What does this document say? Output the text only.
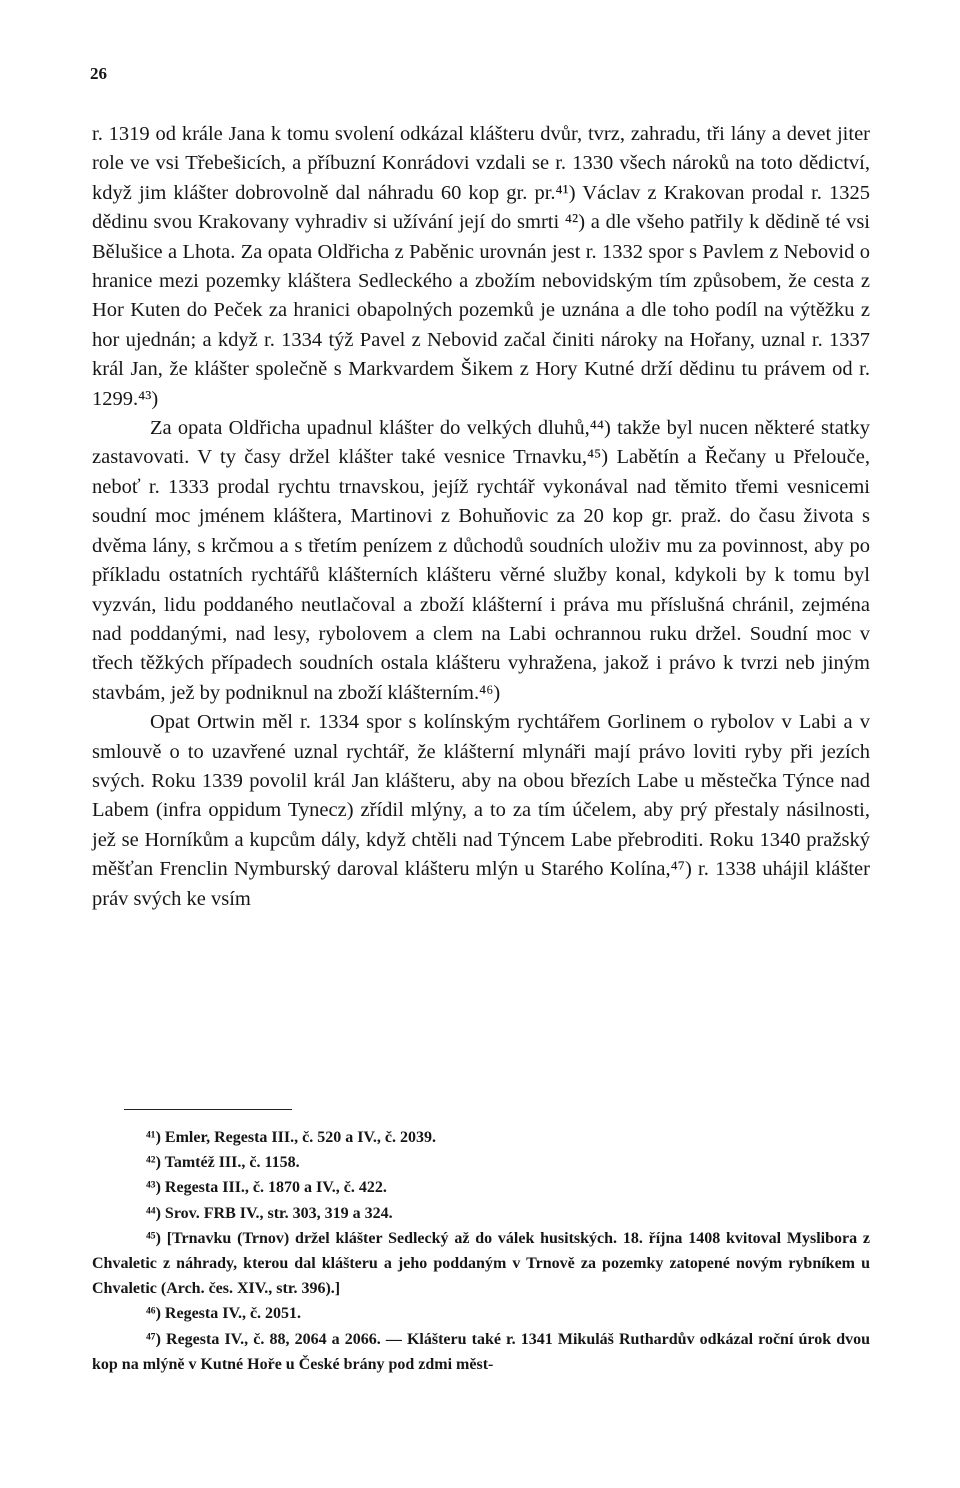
26

r. 1319 od krále Jana k tomu svolení odkázal klášteru dvůr, tvrz, zahradu, tři lány a devet jiter role ve vsi Třebešicích, a příbuzní Konrádovi vzdali se r. 1330 všech nároků na toto dědictví, když jim klášter dobrovolně dal náhradu 60 kop gr. pr.⁴¹) Václav z Krakovan prodal r. 1325 dědinu svou Krakovany vyhradiv si užívání její do smrti ⁴²) a dle všeho patřily k dědině té vsi Bělušice a Lhota. Za opata Oldřicha z Paběnic urovnán jest r. 1332 spor s Pavlem z Nebovid o hranice mezi pozemky kláštera Sedleckého a zbožím nebovidským tím způsobem, že cesta z Hor Kuten do Peček za hranici obapolných pozemků je uznána a dle toho podíl na výtěžku z hor ujednán; a když r. 1334 týž Pavel z Nebovid začal činiti nároky na Hořany, uznal r. 1337 král Jan, že klášter společně s Markvardem Šikem z Hory Kutné drží dědinu tu právem od r. 1299.⁴³)

Za opata Oldřicha upadnul klášter do velkých dluhů,⁴⁴) takže byl nucen některé statky zastavovati. V ty časy držel klášter také vesnice Trnavku,⁴⁵) Labětín a Řečany u Přelouče, neboť r. 1333 prodal rychtu trnavskou, jejíž rychtář vykonával nad těmito třemi vesnicemi soudní moc jménem kláštera, Martinovi z Bohuňovic za 20 kop gr. praž. do času života s dvěma lány, s krčmou a s třetím penízem z důchodů soudních uloživ mu za povinnost, aby po příkladu ostatních rychtářů klášterních klášteru věrné služby konal, kdykoli by k tomu byl vyzván, lidu poddaného neutlačoval a zboží klášterní i práva mu příslušná chránil, zejména nad poddanými, nad lesy, rybolovem a clem na Labi ochrannou ruku držel. Soudní moc v třech těžkých případech soudních ostala klášteru vyhražena, jakož i právo k tvrzi neb jiným stavbám, jež by podniknul na zboží klášterním.⁴⁶)

Opat Ortwin měl r. 1334 spor s kolínským rychtářem Gorlinem o rybolov v Labi a v smlouvě o to uzavřené uznal rychtář, že klášterní mlynáři mají právo loviti ryby při jezích svých. Roku 1339 povolil král Jan klášteru, aby na obou březích Labe u městečka Týnce nad Labem (infra oppidum Tynecz) zřídil mlýny, a to za tím účelem, aby prý přestaly násilnosti, jež se Horníkům a kupcům dály, když chtěli nad Týncem Labe přebroditi. Roku 1340 pražský měšťan Frenclin Nymburský daroval klášteru mlýn u Starého Kolína,⁴⁷) r. 1338 uhájil klášter práv svých ke vsím

⁴¹) Emler, Regesta III., č. 520 a IV., č. 2039.

⁴²) Tamtéž III., č. 1158.

⁴³) Regesta III., č. 1870 a IV., č. 422.

⁴⁴) Srov. FRB IV., str. 303, 319 a 324.

⁴⁵) [Trnavku (Trnov) držel klášter Sedlecký až do válek husitských. 18. října 1408 kvitoval Myslibora z Chvaletic z náhrady, kterou dal klášteru a jeho poddaným v Trnově za pozemky zatopené novým rybníkem u Chvaletic (Arch. čes. XIV., str. 396).]

⁴⁶) Regesta IV., č. 2051.

⁴⁷) Regesta IV., č. 88, 2064 a 2066. — Klášteru také r. 1341 Mikuláš Ruthardův odkázal roční úrok dvou kop na mlýně v Kutné Hoře u České brány pod zdmi měst-
